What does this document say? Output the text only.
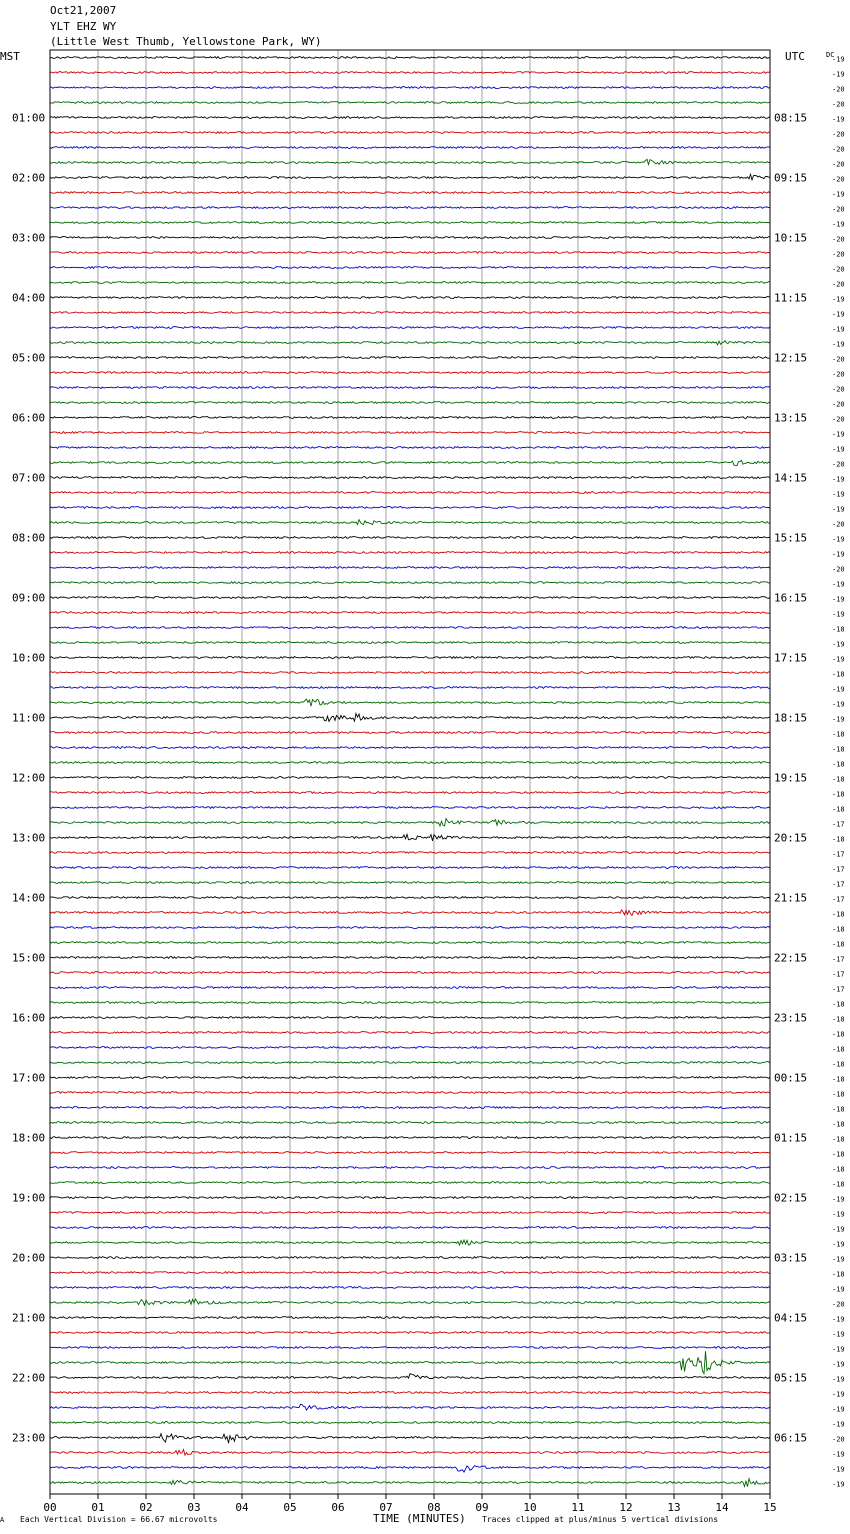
Oct21,2007
YLT EHZ WY
(Little West Thumb, Yellowstone Park, WY)
MST	UTC	DC
A Each Vertical Division = 66.67 microvolts	TIME (MINUTES) Traces clipped at plus/minus 5 vertical divisions
01:00
02:00
03:00
04:00
05:00
06:00
07:00
08:00
09:00
10:00
11:00
12:00
13:00
14:00
15:00
16:00
17:00
18:00
19:00
20:00
21:00
22:00
23:00
08:15
09:15
10:15
11:15
12:15
13:15
14:15
15:15
16:15
17:15
18:15
19:15
20:15
21:15
22:15
23:15
00:15
01:15
02:15
03:15
04:15
05:15
06:15
-19
-19
-20
-20
-19
-20
-20
-20
-20
-19
-20
-19
-20
-20
-20
-20
-19
-19
-19
-19
-20
-20
-20
-20
-20
-19
-19
-20
-19
-19
-19
-20
-19
-19
-20
-19
-19
-19
-18
-19
-19
-18
-19
-19
-19
-18
-18
-18
-18
-18
-18
-17
-18
-17
-17
-17
-17
-18
-18
-18
-17
-17
-17
-18
-18
-18
-18
-18
-18
-18
-18
-18
-18
-18
-18
-18
-19
-19
-19
-19
-19
-18
-19
-20
-19
-19
-19
-19
-19
-19
-19
-19
-20
-19
-19
-19
00	01	02	03	04	05	06	07	08	09	10	11	12	13	14	15
